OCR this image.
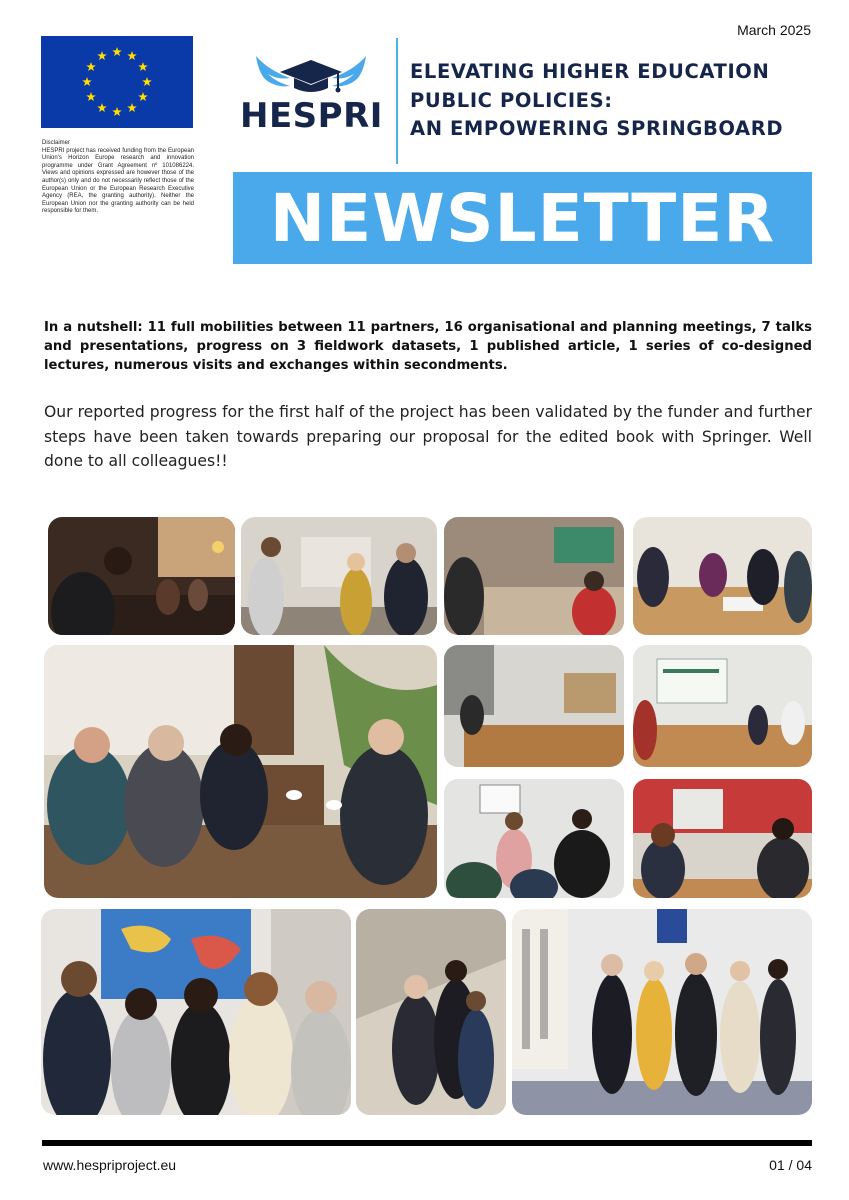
Disclaimer
HESPRI project has received funding from the European Union's Horizon Europe research and innovation programme under Grant Agreement nº 101086224. Views and opinions expressed are however those of the author(s) only and do not necessarily reflect those of the European Union or the European Research Executive Agency (REA, the granting authority). Neither the European Union nor the granting authority can be held responsible for them.
March 2025
HESPRI
ELEVATING HIGHER EDUCATION
PUBLIC POLICIES:
AN EMPOWERING SPRINGBOARD
NEWSLETTER
In a nutshell: 11 full mobilities between 11 partners, 16 organisational and planning meetings, 7 talks and presentations, progress on 3 fieldwork datasets, 1 published article, 1 series of co-designed lectures, numerous visits and exchanges within secondments.
Our reported progress for the first half of the project has been validated by the funder and further steps have been taken towards preparing our proposal for the edited book with Springer. Well done to all colleagues!!
www.hespriproject.eu	01 / 04
